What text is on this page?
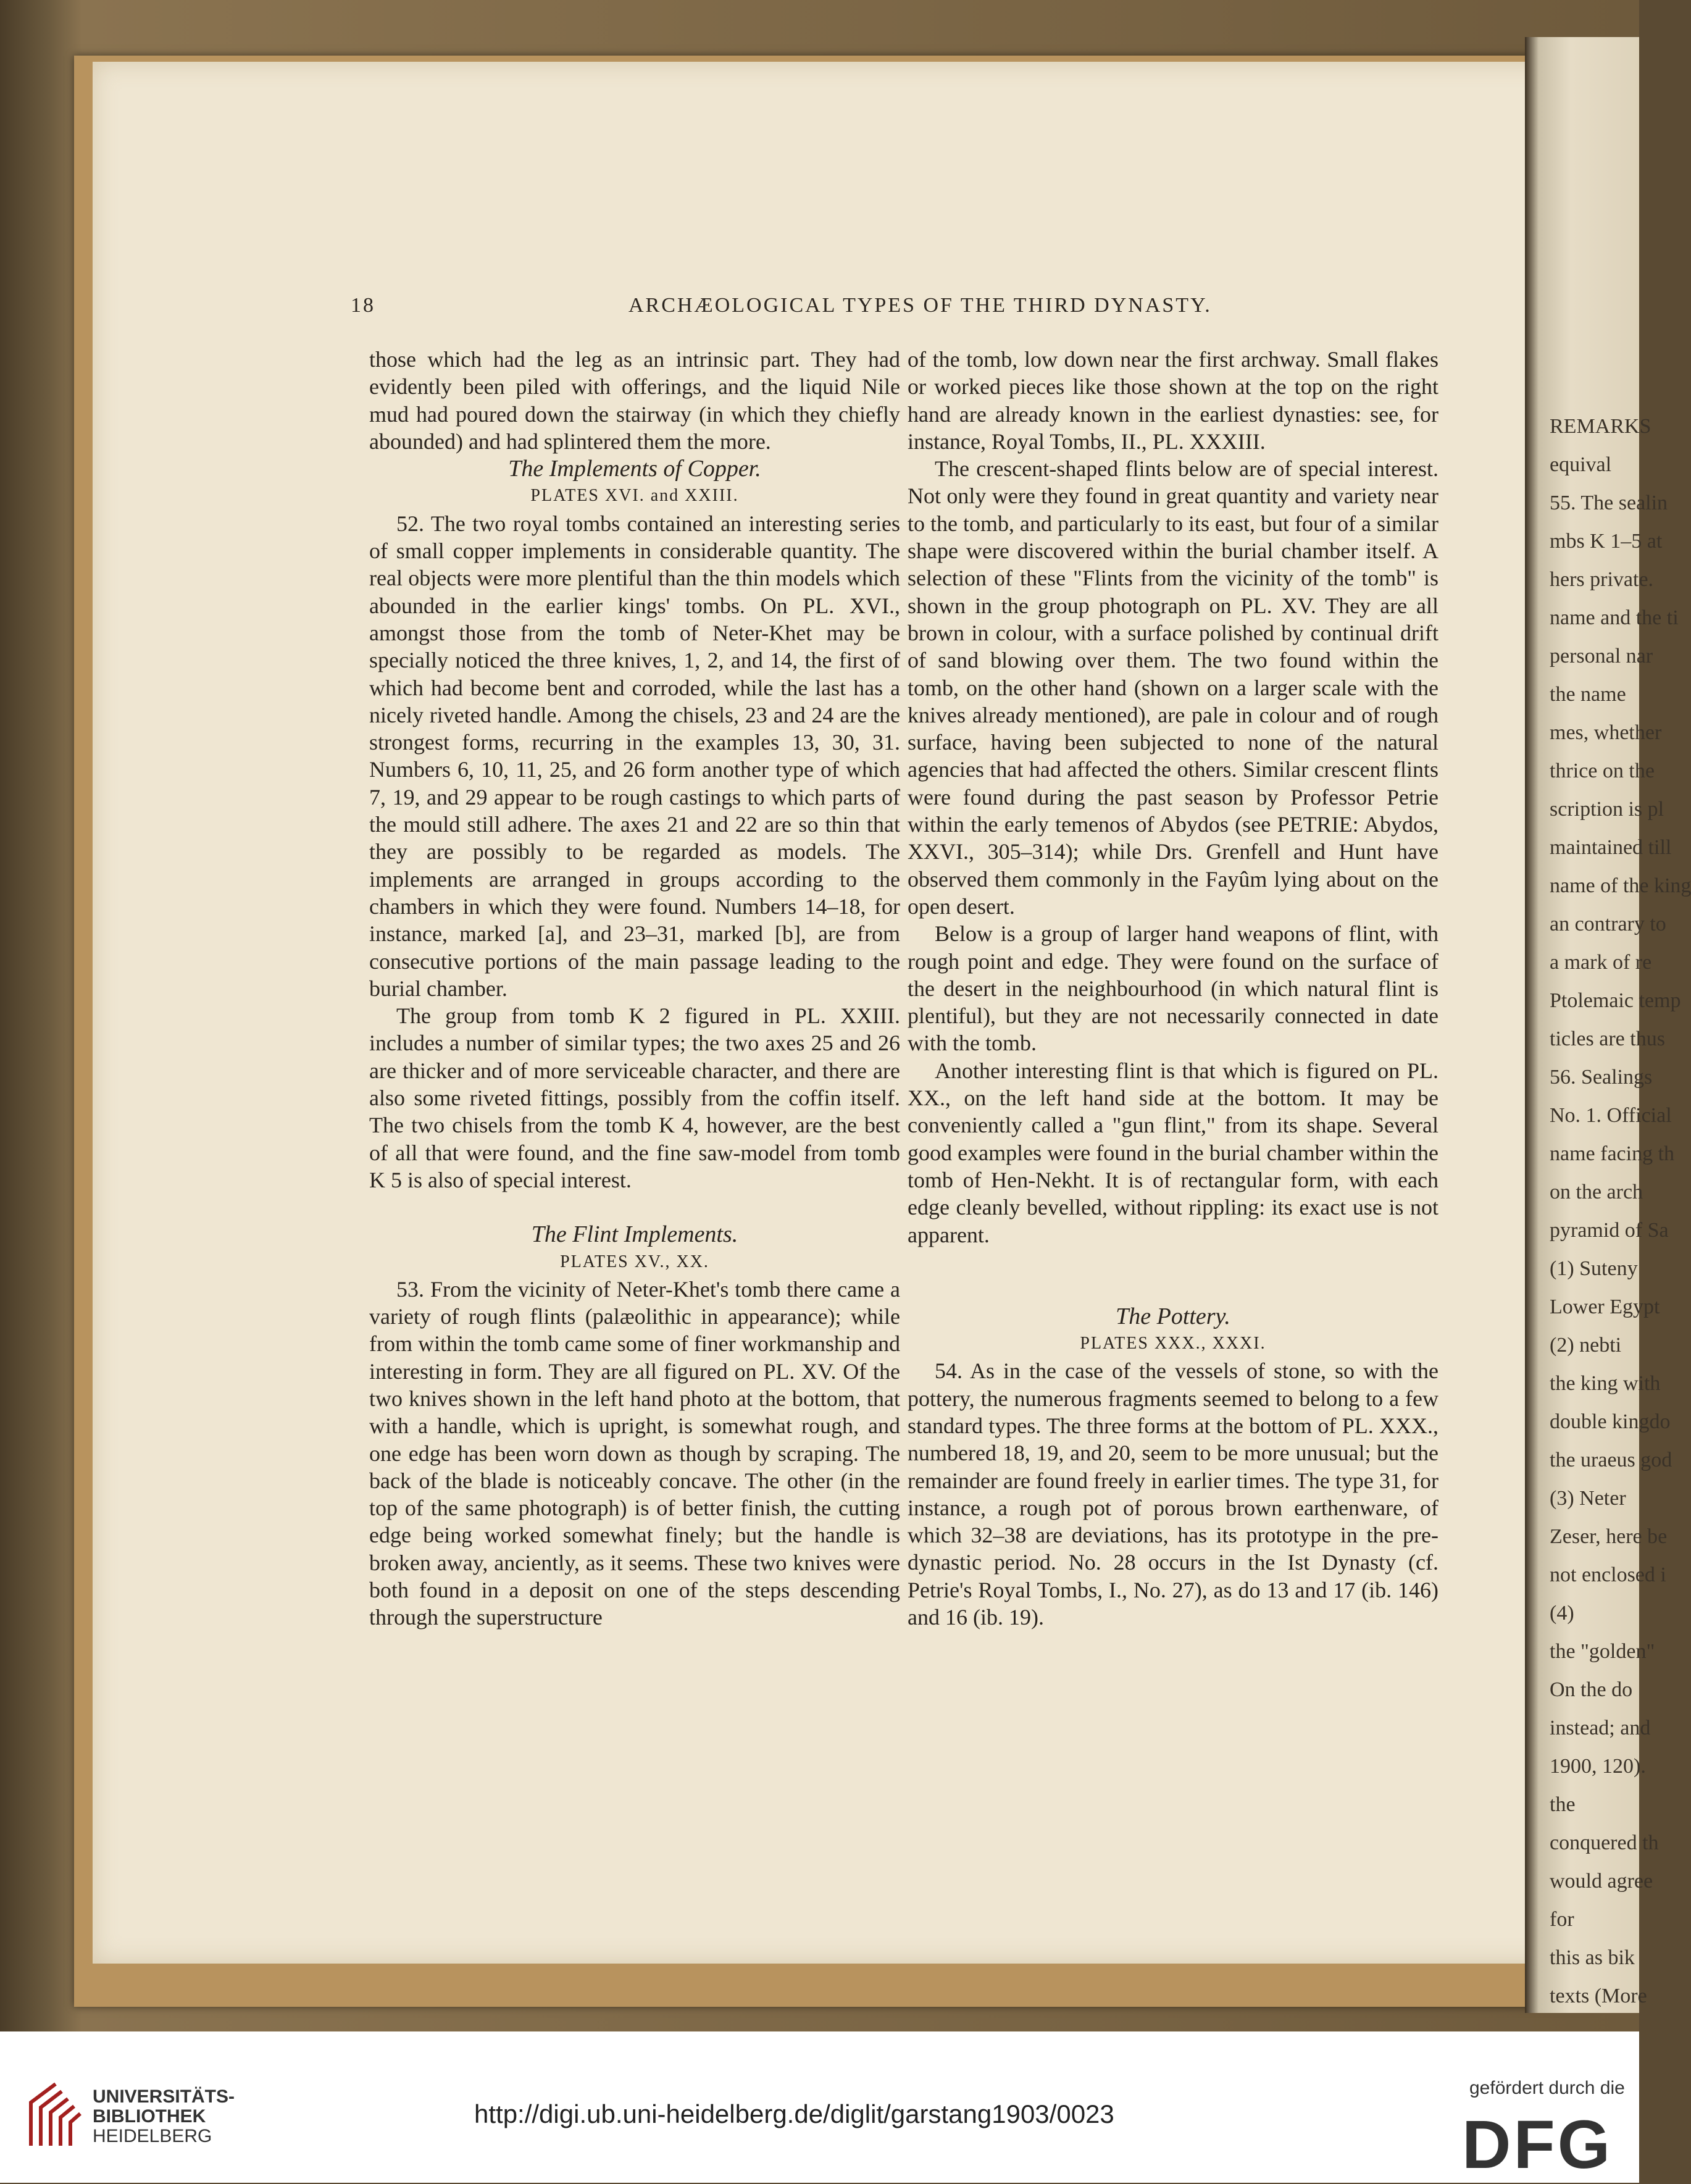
REMARKS
equival
55. The sealin
mbs K 1–5 at
hers private.
name and the ti
personal nar
the name
mes, whether
thrice on the
scription is pl
maintained till
name of the king
an contrary to
a mark of re
Ptolemaic temp
ticles are thus
56. Sealings
No. 1. Official
name facing th
on the arch
pyramid of Sa
(1) Suteny
Lower Egypt
(2) nebti
the king with
double kingdo
the uraeus god
(3) Neter
Zeser, here be
not enclosed i
(4)
the "golden"
On the do
instead; and
1900, 120).
the
conquered th
would agree
for
this as bik
texts (More
18	ARCHÆOLOGICAL TYPES OF THE THIRD DYNASTY.

those which had the leg as an intrinsic part. They had evidently been piled with offerings, and the liquid Nile mud had poured down the stairway (in which they chiefly abounded) and had splintered them the more.

The Implements of Copper.

PLATES XVI. and XXIII.

52. The two royal tombs contained an interesting series of small copper implements in considerable quantity. The real objects were more plentiful than the thin models which abounded in the earlier kings' tombs. On PL. XVI., amongst those from the tomb of Neter-Khet may be specially noticed the three knives, 1, 2, and 14, the first of which had become bent and corroded, while the last has a nicely riveted handle. Among the chisels, 23 and 24 are the strongest forms, recurring in the examples 13, 30, 31. Numbers 6, 10, 11, 25, and 26 form another type of which 7, 19, and 29 appear to be rough castings to which parts of the mould still adhere. The axes 21 and 22 are so thin that they are possibly to be regarded as models. The implements are arranged in groups according to the chambers in which they were found. Numbers 14–18, for instance, marked [a], and 23–31, marked [b], are from consecutive portions of the main passage leading to the burial chamber.

The group from tomb K 2 figured in PL. XXIII. includes a number of similar types; the two axes 25 and 26 are thicker and of more serviceable character, and there are also some riveted fittings, possibly from the coffin itself. The two chisels from the tomb K 4, however, are the best of all that were found, and the fine saw-model from tomb K 5 is also of special interest.

The Flint Implements.

PLATES XV., XX.

53. From the vicinity of Neter-Khet's tomb there came a variety of rough flints (palæolithic in appearance); while from within the tomb came some of finer workmanship and interesting in form. They are all figured on PL. XV. Of the two knives shown in the left hand photo at the bottom, that with a handle, which is upright, is somewhat rough, and one edge has been worn down as though by scraping. The back of the blade is noticeably concave. The other (in the top of the same photograph) is of better finish, the cutting edge being worked somewhat finely; but the handle is broken away, anciently, as it seems. These two knives were both found in a deposit on one of the steps descending through the superstructure

of the tomb, low down near the first archway. Small flakes or worked pieces like those shown at the top on the right hand are already known in the earliest dynasties: see, for instance, Royal Tombs, II., PL. XXXIII.

The crescent-shaped flints below are of special interest. Not only were they found in great quantity and variety near to the tomb, and particularly to its east, but four of a similar shape were discovered within the burial chamber itself. A selection of these "Flints from the vicinity of the tomb" is shown in the group photograph on PL. XV. They are all brown in colour, with a surface polished by continual drift of sand blowing over them. The two found within the tomb, on the other hand (shown on a larger scale with the knives already mentioned), are pale in colour and of rough surface, having been subjected to none of the natural agencies that had affected the others. Similar crescent flints were found during the past season by Professor Petrie within the early temenos of Abydos (see PETRIE: Abydos, XXVI., 305–314); while Drs. Grenfell and Hunt have observed them commonly in the Fayûm lying about on the open desert.

Below is a group of larger hand weapons of flint, with rough point and edge. They were found on the surface of the desert in the neighbourhood (in which natural flint is plentiful), but they are not necessarily connected in date with the tomb.

Another interesting flint is that which is figured on PL. XX., on the left hand side at the bottom. It may be conveniently called a "gun flint," from its shape. Several good examples were found in the burial chamber within the tomb of Hen-Nekht. It is of rectangular form, with each edge cleanly bevelled, without rippling: its exact use is not apparent.

The Pottery.

PLATES XXX., XXXI.

54. As in the case of the vessels of stone, so with the pottery, the numerous fragments seemed to belong to a few standard types. The three forms at the bottom of PL. XXX., numbered 18, 19, and 20, seem to be more unusual; but the remainder are found freely in earlier times. The type 31, for instance, a rough pot of porous brown earthenware, of which 32–38 are deviations, has its prototype in the pre-dynastic period. No. 28 occurs in the Ist Dynasty (cf. Petrie's Royal Tombs, I., No. 27), as do 13 and 17 (ib. 146) and 16 (ib. 19).

UNIVERSITÄTS-
BIBLIOTHEK
HEIDELBERG
http://digi.ub.uni-heidelberg.de/diglit/garstang1903/0023
gefördert durch die
DFG
